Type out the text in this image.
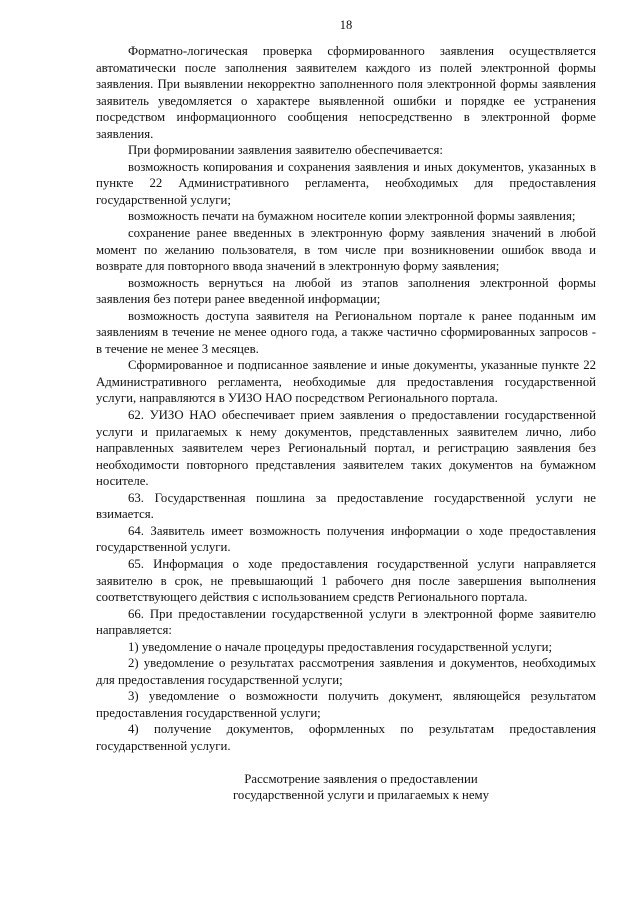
18

Форматно-логическая проверка сформированного заявления осуществляется автоматически после заполнения заявителем каждого из полей электронной формы заявления. При выявлении некорректно заполненного поля электронной формы заявления заявитель уведомляется о характере выявленной ошибки и порядке ее устранения посредством информационного сообщения непосредственно в электронной форме заявления.

При формировании заявления заявителю обеспечивается:

возможность копирования и сохранения заявления и иных документов, указанных в пункте 22 Административного регламента, необходимых для предоставления государственной услуги;

возможность печати на бумажном носителе копии электронной формы заявления;

сохранение ранее введенных в электронную форму заявления значений в любой момент по желанию пользователя, в том числе при возникновении ошибок ввода и возврате для повторного ввода значений в электронную форму заявления;

возможность вернуться на любой из этапов заполнения электронной формы заявления без потери ранее введенной информации;

возможность доступа заявителя на Региональном портале к ранее поданным им заявлениям в течение не менее одного года, а также частично сформированных запросов - в течение не менее 3 месяцев.

Сформированное и подписанное заявление и иные документы, указанные пункте 22 Административного регламента, необходимые для предоставления государственной услуги, направляются в УИЗО НАО посредством Регионального портала.

62. УИЗО НАО обеспечивает прием заявления о предоставлении государственной услуги и прилагаемых к нему документов, представленных заявителем лично, либо направленных заявителем через Региональный портал, и регистрацию заявления без необходимости повторного представления заявителем таких документов на бумажном носителе.

63. Государственная пошлина за предоставление государственной услуги не взимается.

64. Заявитель имеет возможность получения информации о ходе предоставления государственной услуги.

65. Информация о ходе предоставления государственной услуги направляется заявителю в срок, не превышающий 1 рабочего дня после завершения выполнения соответствующего действия с использованием средств Регионального портала.

66. При предоставлении государственной услуги в электронной форме заявителю направляется:

1) уведомление о начале процедуры предоставления государственной услуги;

2) уведомление о результатах рассмотрения заявления и документов, необходимых для предоставления государственной услуги;

3) уведомление о возможности получить документ, являющейся результатом предоставления государственной услуги;

4) получение документов, оформленных по результатам предоставления государственной услуги.

Рассмотрение заявления о предоставлении
государственной услуги и прилагаемых к нему
